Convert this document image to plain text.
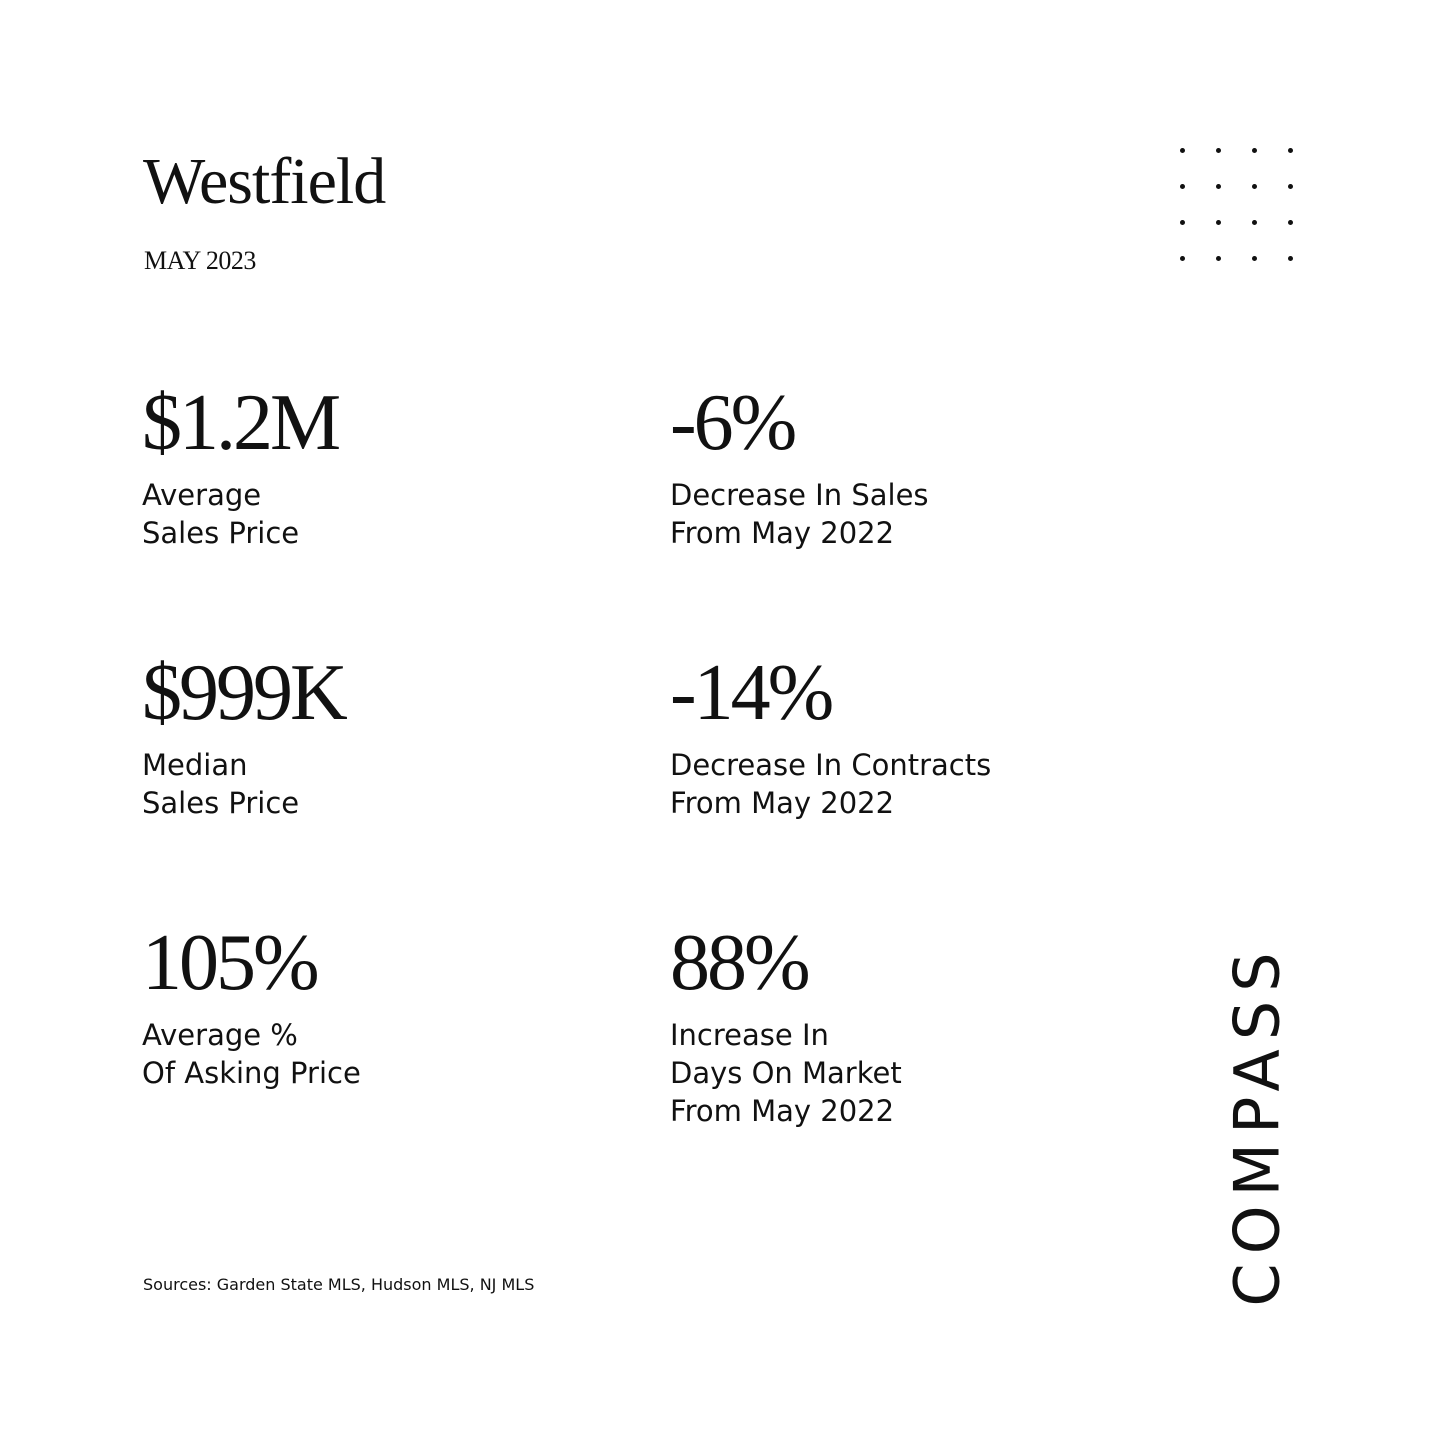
Westfield
MAY 2023
$1.2M
Average
Sales Price
-6%
Decrease In Sales
From May 2022
$999K
Median
Sales Price
-14%
Decrease In Contracts
From May 2022
105%
Average %
Of Asking Price
88%
Increase In
Days On Market
From May 2022
Sources: Garden State MLS, Hudson MLS, NJ MLS	COMPASS
